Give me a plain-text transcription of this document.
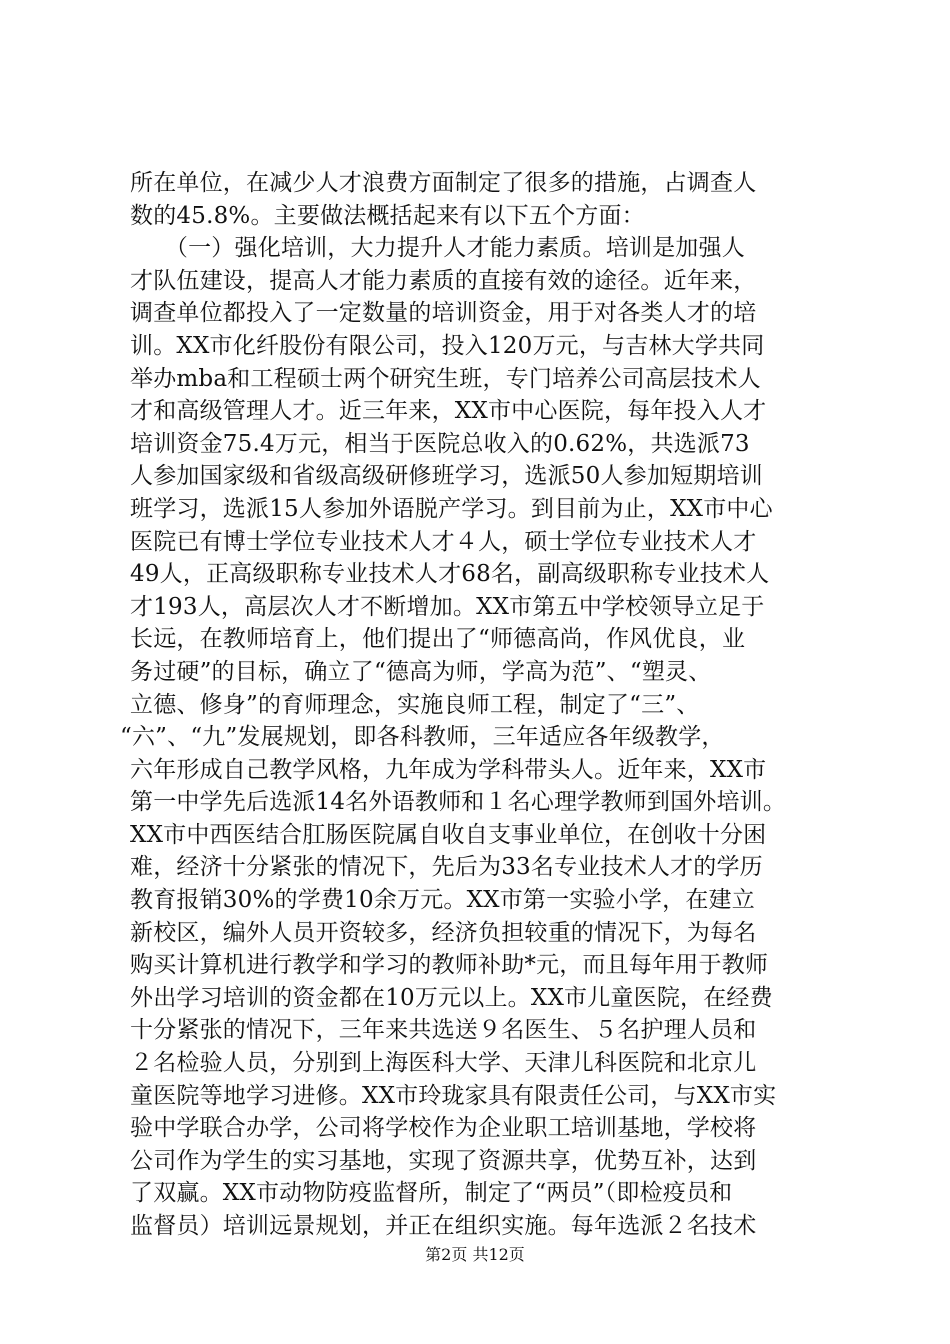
所在单位，在减少人才浪费方面制定了很多的措施，占调查人
数的45.8%。主要做法概括起来有以下五个方面：
　　（一）强化培训，大力提升人才能力素质。培训是加强人
才队伍建设，提高人才能力素质的直接有效的途径。近年来，
调查单位都投入了一定数量的培训资金，用于对各类人才的培
训。XX市化纤股份有限公司，投入120万元，与吉林大学共同
举办mba和工程硕士两个研究生班，专门培养公司高层技术人
才和高级管理人才。近三年来，XX市中心医院，每年投入人才
培训资金75.4万元，相当于医院总收入的0.62%，共选派73
人参加国家级和省级高级研修班学习，选派50人参加短期培训
班学习，选派15人参加外语脱产学习。到目前为止，XX市中心
医院已有博士学位专业技术人才４人，硕士学位专业技术人才
49人，正高级职称专业技术人才68名，副高级职称专业技术人
才193人，高层次人才不断增加。XX市第五中学校领导立足于
长远，在教师培育上，他们提出了“师德高尚，作风优良，业
务过硬”的目标，确立了“德高为师，学高为范”、“塑灵、
立德、修身”的育师理念，实施良师工程，制定了“三”、
“六”、“九”发展规划，即各科教师，三年适应各年级教学，
六年形成自己教学风格，九年成为学科带头人。近年来，XX市
第一中学先后选派14名外语教师和１名心理学教师到国外培训。
XX市中西医结合肛肠医院属自收自支事业单位，在创收十分困
难，经济十分紧张的情况下，先后为33名专业技术人才的学历
教育报销30%的学费10余万元。XX市第一实验小学，在建立
新校区，编外人员开资较多，经济负担较重的情况下，为每名
购买计算机进行教学和学习的教师补助*元，而且每年用于教师
外出学习培训的资金都在10万元以上。XX市儿童医院，在经费
十分紧张的情况下，三年来共选送９名医生、５名护理人员和
２名检验人员，分别到上海医科大学、天津儿科医院和北京儿
童医院等地学习进修。XX市玲珑家具有限责任公司，与XX市实
验中学联合办学，公司将学校作为企业职工培训基地，学校将
公司作为学生的实习基地，实现了资源共享，优势互补，达到
了双赢。XX市动物防疫监督所，制定了“两员”（即检疫员和
监督员）培训远景规划，并正在组织实施。每年选派２名技术
第2页 共12页
